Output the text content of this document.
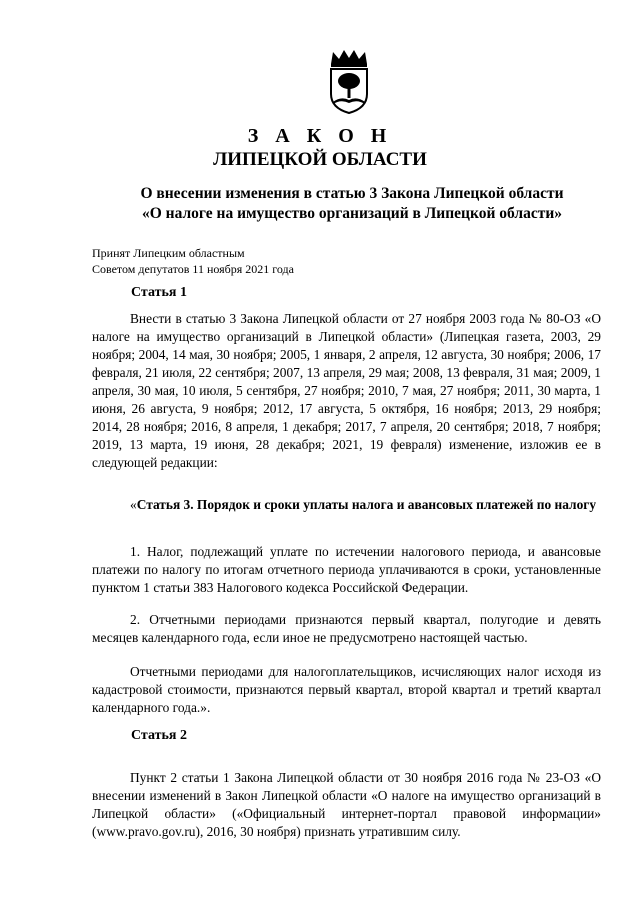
З А К О Н
ЛИПЕЦКОЙ ОБЛАСТИ
О внесении изменения в статью 3 Закона Липецкой области
«О налоге на имущество организаций в Липецкой области»
Принят Липецким областным
Советом депутатов 11 ноября 2021 года
Статья 1
Внести в статью 3 Закона Липецкой области от 27 ноября 2003 года № 80-ОЗ «О налоге на имущество организаций в Липецкой области» (Липецкая газета, 2003, 29 ноября; 2004, 14 мая, 30 ноября; 2005, 1 января, 2 апреля, 12 августа, 30 ноября; 2006, 17 февраля, 21 июля, 22 сентября; 2007, 13 апреля, 29 мая; 2008, 13 февраля, 31 мая; 2009, 1 апреля, 30 мая, 10 июля, 5 сентября, 27 ноября; 2010, 7 мая, 27 ноября; 2011, 30 марта, 1 июня, 26 августа, 9 ноября; 2012, 17 августа, 5 октября, 16 ноября; 2013, 29 ноября; 2014, 28 ноября; 2016, 8 апреля, 1 декабря; 2017, 7 апреля, 20 сентября; 2018, 7 ноября; 2019, 13 марта, 19 июня, 28 декабря; 2021, 19 февраля) изменение, изложив ее в следующей редакции:
«Статья 3. Порядок и сроки уплаты налога и авансовых платежей по налогу
1. Налог, подлежащий уплате по истечении налогового периода, и авансовые платежи по налогу по итогам отчетного периода уплачиваются в сроки, установленные пунктом 1 статьи 383 Налогового кодекса Российской Федерации.
2. Отчетными периодами признаются первый квартал, полугодие и девять месяцев календарного года, если иное не предусмотрено настоящей частью.
Отчетными периодами для налогоплательщиков, исчисляющих налог исходя из кадастровой стоимости, признаются первый квартал, второй квартал и третий квартал календарного года.».
Статья 2
Пункт 2 статьи 1 Закона Липецкой области от 30 ноября 2016 года № 23-ОЗ «О внесении изменений в Закон Липецкой области «О налоге на имущество организаций в Липецкой области» («Официальный интернет-портал правовой информации» (www.pravo.gov.ru), 2016, 30 ноября) признать утратившим силу.
